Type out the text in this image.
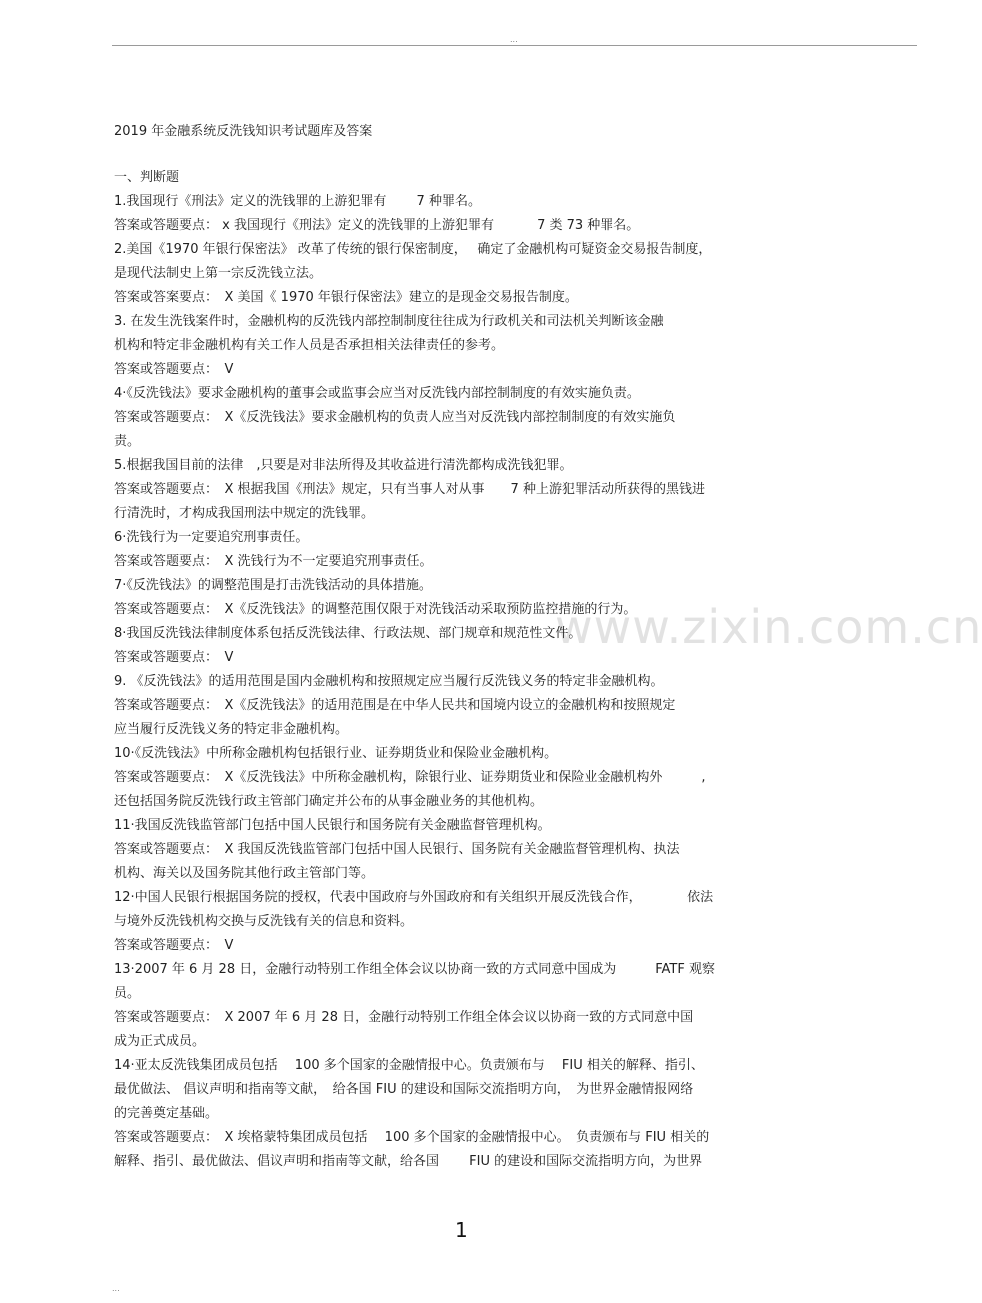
...
www.zixin.com.cn
2019 年金融系统反洗钱知识考试题库及答案
一、判断题
1.我国现行《刑法》定义的洗钱罪的上游犯罪有　　 7 种罪名。
答案或答题要点： x 我国现行《刑法》定义的洗钱罪的上游犯罪有　　　 7 类 73 种罪名。
2.美国《1970 年银行保密法》 改革了传统的银行保密制度，　 确定了金融机构可疑资金交易报告制度，
是现代法制史上第一宗反洗钱立法。
答案或答案要点：　X 美国《 1970 年银行保密法》建立的是现金交易报告制度。
3. 在发生洗钱案件时，金融机构的反洗钱内部控制制度往往成为行政机关和司法机关判断该金融
机构和特定非金融机构有关工作人员是否承担相关法律责任的参考。
答案或答题要点：　V
4·《反洗钱法》要求金融机构的董事会或监事会应当对反洗钱内部控制制度的有效实施负责。
答案或答题要点：　X《反洗钱法》要求金融机构的负责人应当对反洗钱内部控制制度的有效实施负
责。
5.根据我国目前的法律　,只要是对非法所得及其收益进行清洗都构成洗钱犯罪。
答案或答题要点：　X 根据我国《刑法》规定，只有当事人对从事　　7 种上游犯罪活动所获得的黑钱进
行清洗时，才构成我国刑法中规定的洗钱罪。
6·洗钱行为一定要追究刑事责任。
答案或答题要点：　X 洗钱行为不一定要追究刑事责任。
7·《反洗钱法》的调整范围是打击洗钱活动的具体措施。
答案或答题要点：　X《反洗钱法》的调整范围仅限于对洗钱活动采取预防监控措施的行为。
8·我国反洗钱法律制度体系包括反洗钱法律、行政法规、部门规章和规范性文件。
答案或答题要点：　V
9. 《反洗钱法》的适用范围是国内金融机构和按照规定应当履行反洗钱义务的特定非金融机构。
答案或答题要点：　X《反洗钱法》的适用范围是在中华人民共和国境内设立的金融机构和按照规定
应当履行反洗钱义务的特定非金融机构。
10·《反洗钱法》中所称金融机构包括银行业、证券期货业和保险业金融机构。
答案或答题要点：　X《反洗钱法》中所称金融机构，除银行业、证券期货业和保险业金融机构外　　　,
还包括国务院反洗钱行政主管部门确定并公布的从事金融业务的其他机构。
11·我国反洗钱监管部门包括中国人民银行和国务院有关金融监督管理机构。
答案或答题要点：　X 我国反洗钱监管部门包括中国人民银行、国务院有关金融监督管理机构、执法
机构、海关以及国务院其他行政主管部门等。
12·中国人民银行根据国务院的授权，代表中国政府与外国政府和有关组织开展反洗钱合作，　　　　依法
与境外反洗钱机构交换与反洗钱有关的信息和资料。
答案或答题要点：　V
13·2007 年 6 月 28 日，金融行动特别工作组全体会议以协商一致的方式同意中国成为　　　FATF 观察
员。
答案或答题要点：　X 2007 年 6 月 28 日，金融行动特别工作组全体会议以协商一致的方式同意中国
成为正式成员。
14·亚太反洗钱集团成员包括　 100 多个国家的金融情报中心。负责颁布与　 FIU 相关的解释、指引、
最优做法、 倡议声明和指南等文献，　给各国 FIU 的建设和国际交流指明方向，　为世界金融情报网络
的完善奠定基础。
答案或答题要点：　X 埃格蒙特集团成员包括　 100 多个国家的金融情报中心。　负责颁布与 FIU 相关的
解释、指引、最优做法、倡议声明和指南等文献，给各国　　 FIU 的建设和国际交流指明方向，为世界
1
...
